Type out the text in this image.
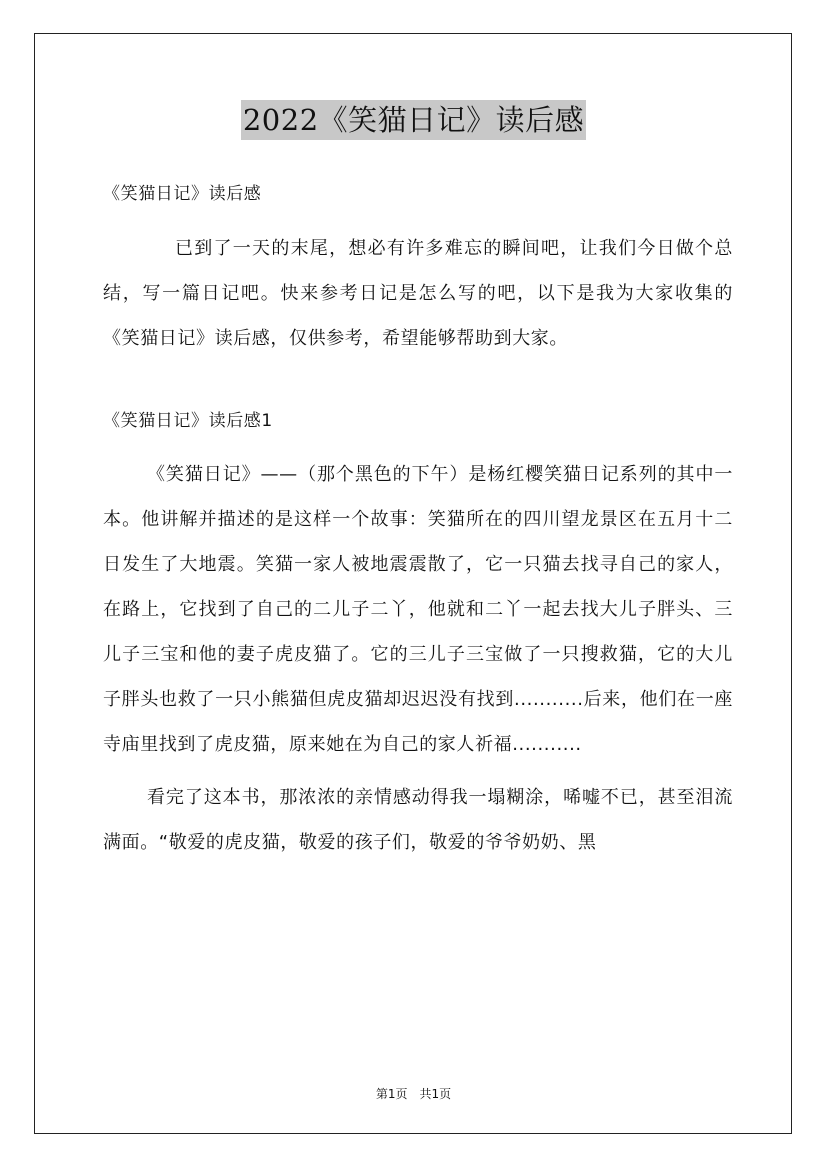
2022《笑猫日记》读后感

《笑猫日记》读后感

已到了一天的末尾，想必有许多难忘的瞬间吧，让我们今日做个总结，写一篇日记吧。快来参考日记是怎么写的吧，以下是我为大家收集的《笑猫日记》读后感，仅供参考，希望能够帮助到大家。

《笑猫日记》读后感1

《笑猫日记》——（那个黑色的下午）是杨红樱笑猫日记系列的其中一本。他讲解并描述的是这样一个故事：笑猫所在的四川望龙景区在五月十二日发生了大地震。笑猫一家人被地震震散了，它一只猫去找寻自己的家人，在路上，它找到了自己的二儿子二丫，他就和二丫一起去找大儿子胖头、三儿子三宝和他的妻子虎皮猫了。它的三儿子三宝做了一只搜救猫，它的大儿子胖头也救了一只小熊猫但虎皮猫却迟迟没有找到...........后来，他们在一座寺庙里找到了虎皮猫，原来她在为自己的家人祈福...........

看完了这本书，那浓浓的亲情感动得我一塌糊涂，唏嘘不已，甚至泪流满面。“敬爱的虎皮猫，敬爱的孩子们，敬爱的爷爷奶奶、黑

第1页　共1页
